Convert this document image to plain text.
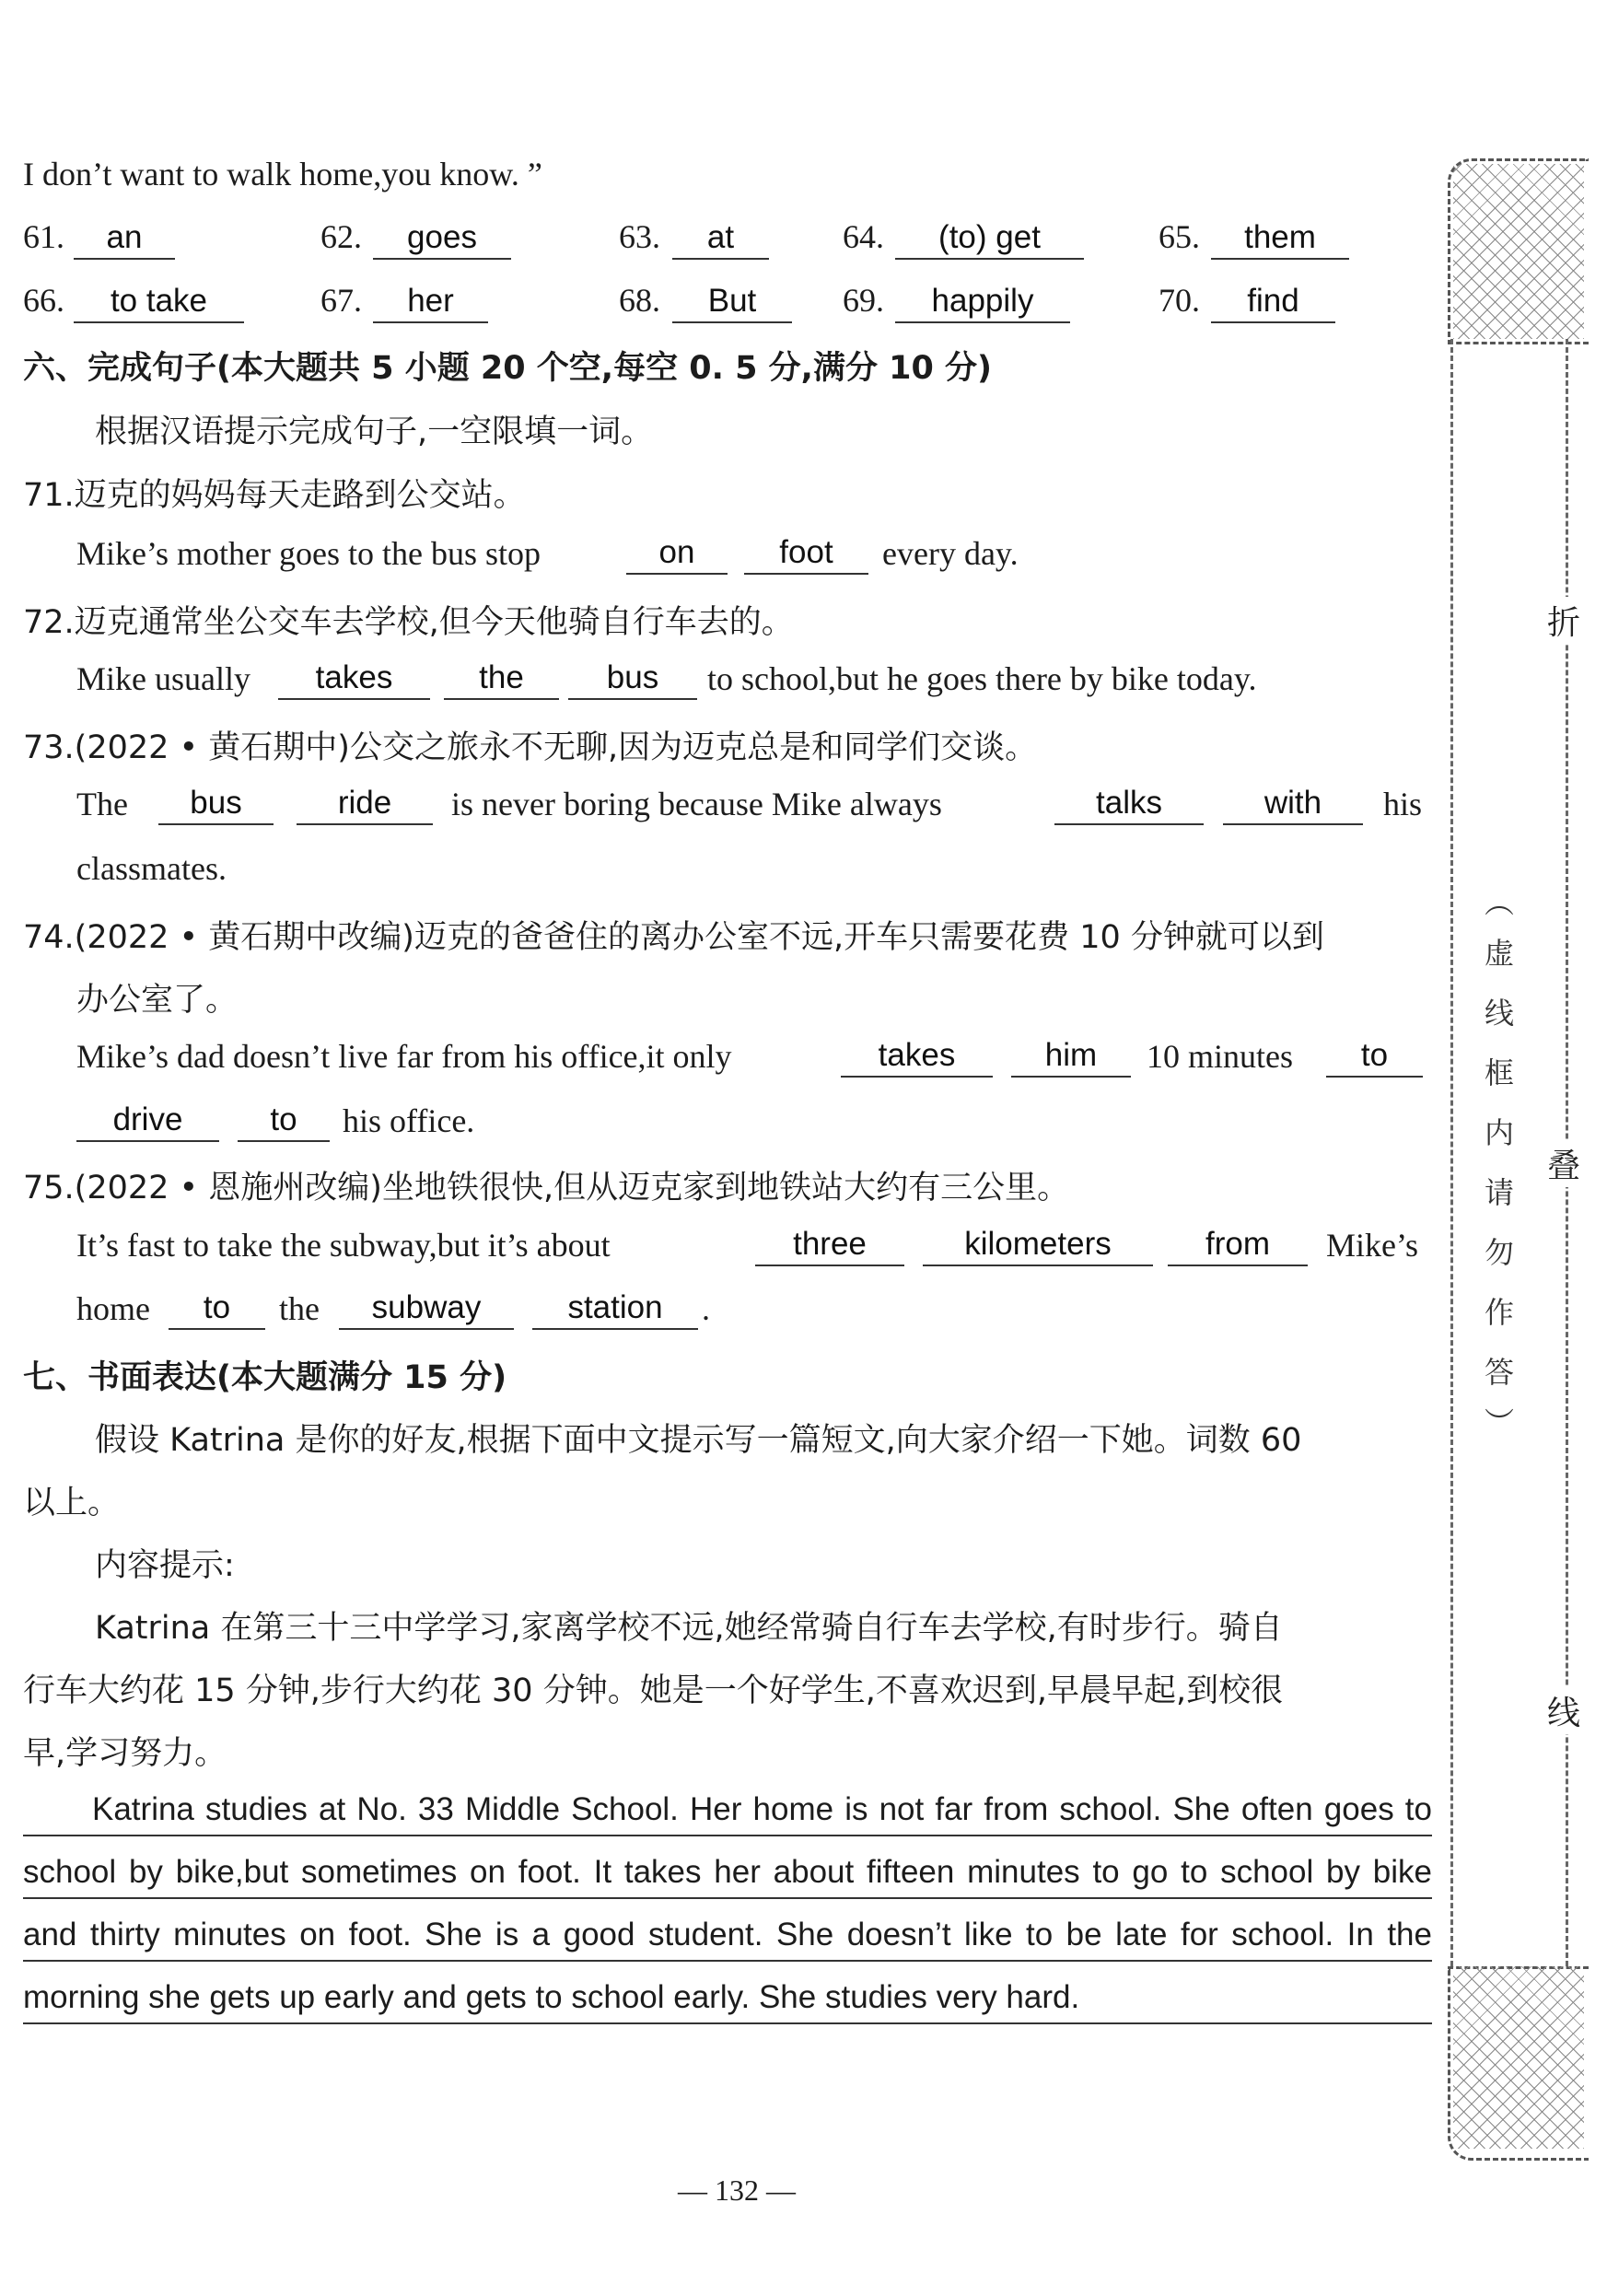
I don’t want to walk home,you know. ”
61.	an	62.	goes	63.	at	64.	(to) get	65.	them
66.	to take	67.	her	68.	But	69.	happily	70.	find
六、完成句子(本大题共 5 小题 20 个空,每空 0. 5 分,满分 10 分)
根据汉语提示完成句子,一空限填一词。
71.迈克的妈妈每天走路到公交站。
Mike’s mother goes to the bus stop	on	foot	every day.
72.迈克通常坐公交车去学校,但今天他骑自行车去的。
Mike usually	takes	the	bus	to school,but he goes there by bike today.
73.(2022 • 黄石期中)公交之旅永不无聊,因为迈克总是和同学们交谈。
The	bus	ride	is never boring because Mike always	talks	with	his
classmates.
74.(2022 • 黄石期中改编)迈克的爸爸住的离办公室不远,开车只需要花费 10 分钟就可以到
办公室了。
Mike’s dad doesn’t live far from his office,it only	takes	him	10 minutes	to
drive	to	his office.
75.(2022 • 恩施州改编)坐地铁很快,但从迈克家到地铁站大约有三公里。
It’s fast to take the subway,but it’s about	three	kilometers	from	Mike’s
home	to	the	subway	station	.
七、书面表达(本大题满分 15 分)
假设 Katrina 是你的好友,根据下面中文提示写一篇短文,向大家介绍一下她。词数 60
以上。
内容提示:
Katrina 在第三十三中学学习,家离学校不远,她经常骑自行车去学校,有时步行。骑自
行车大约花 15 分钟,步行大约花 30 分钟。她是一个好学生,不喜欢迟到,早晨早起,到校很
早,学习努力。
Katrina studies at No. 33 Middle School. Her home is not far from school. She often goes to
school by bike,but sometimes on foot. It takes her about fifteen minutes to go to school by bike
and thirty minutes on foot. She is a good student. She doesn’t like to be late for school. In the
morning she gets up early and gets to school early. She studies very hard.
折
叠
线
︵
虚
线
框
内
请
勿
作
答
︶
— 132 —
